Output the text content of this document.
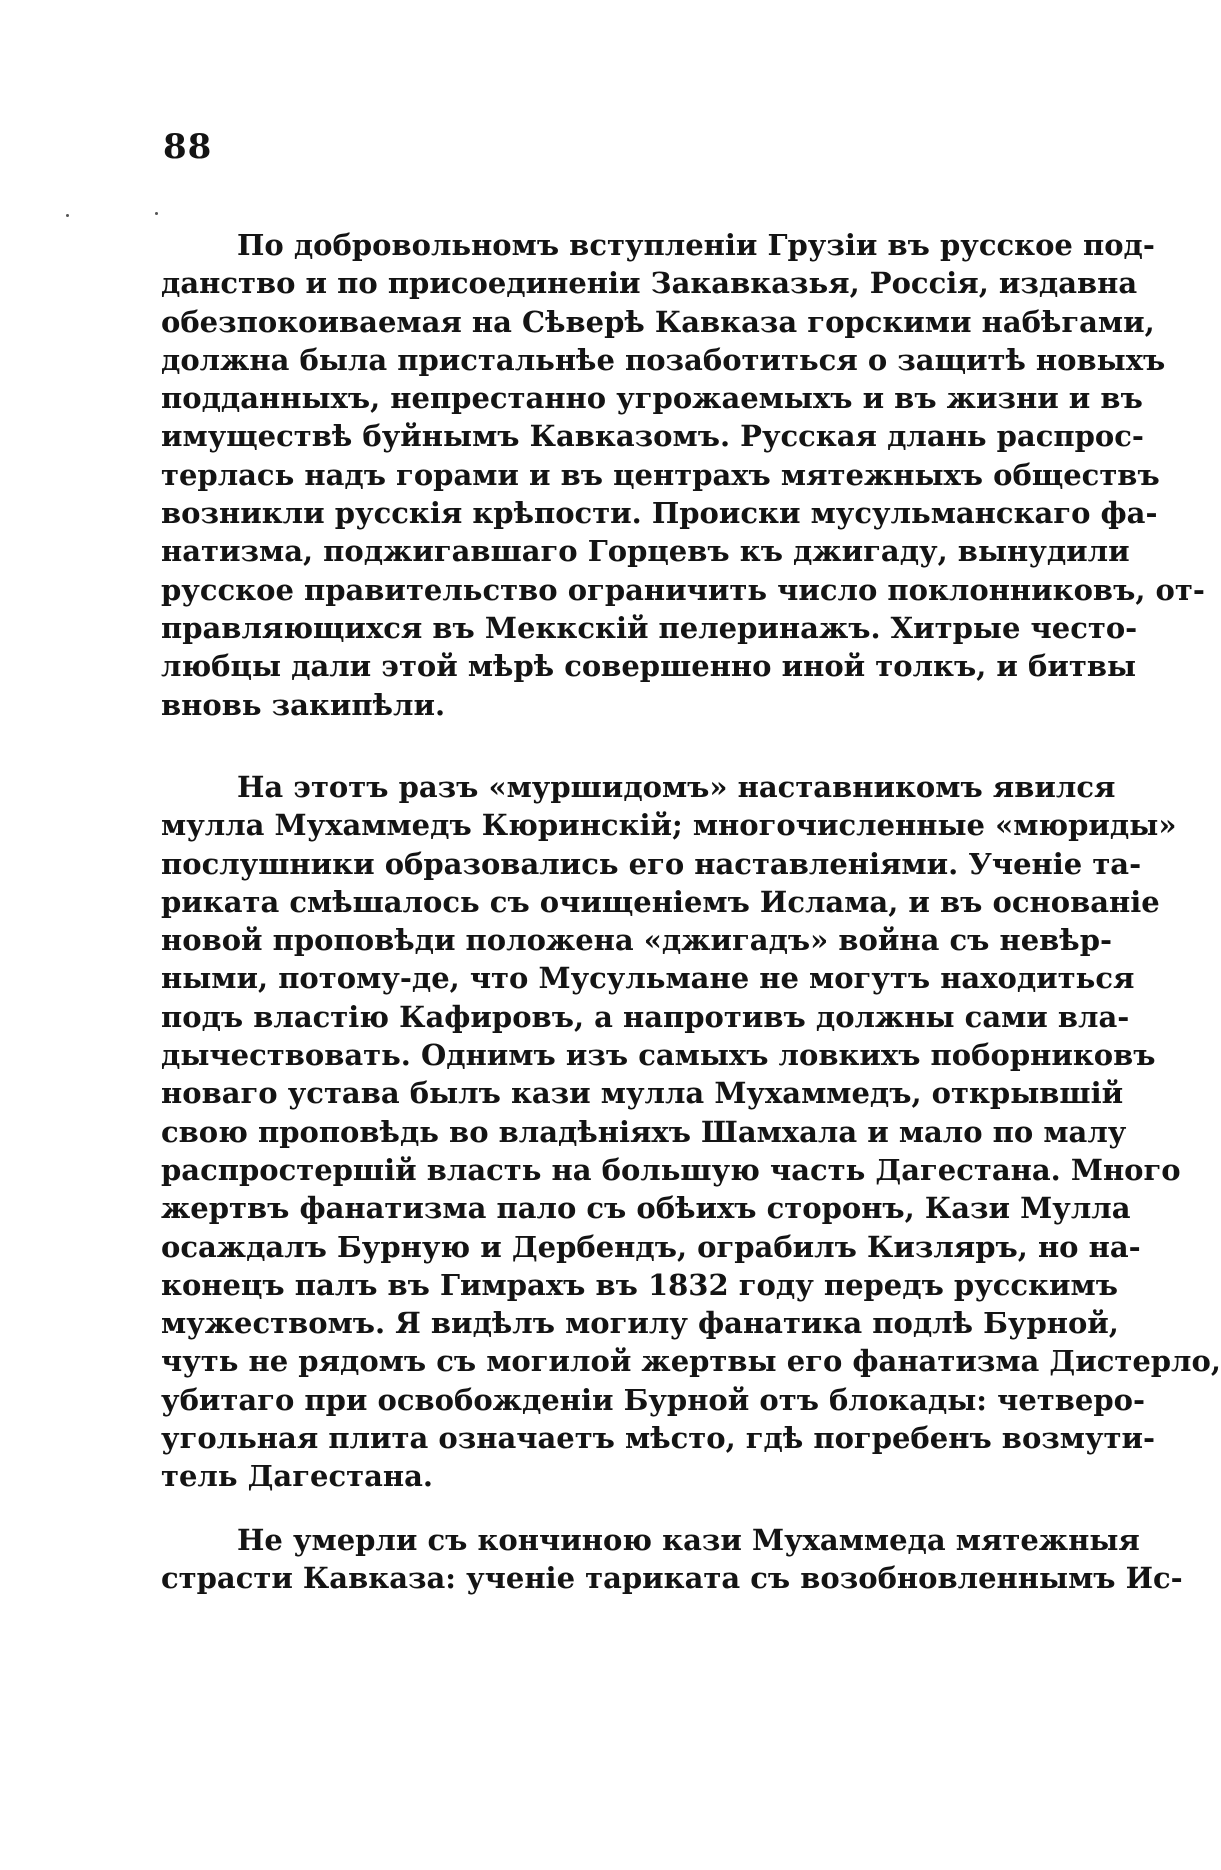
88
По добровольномъ вступленіи Грузіи въ русское под-
данство и по присоединеніи Закавказья, Россія, издавна
обезпокоиваемая на Сѣверѣ Кавказа горскими набѣгами,
должна была пристальнѣе позаботиться о защитѣ новыхъ
подданныхъ, непрестанно угрожаемыхъ и въ жизни и въ
имуществѣ буйнымъ Кавказомъ. Русская длань распрос-
терлась надъ горами и въ центрахъ мятежныхъ обществъ
возникли русскія крѣпости. Происки мусульманскаго фа-
натизма, поджигавшаго Горцевъ къ джигаду, вынудили
русское правительство ограничить число поклонниковъ, от-
правляющихся въ Меккскій пелеринажъ. Хитрые често-
любцы дали этой мѣрѣ совершенно иной толкъ, и битвы
вновь закипѣли.
На этотъ разъ «муршидомъ» наставникомъ явился
мулла Мухаммедъ Кюринскій; многочисленные «мюриды»
послушники образовались его наставленіями. Ученіе та-
риката смѣшалось съ очищеніемъ Ислама, и въ основаніе
новой проповѣди положена «джигадъ» война съ невѣр-
ными, потому-де, что Мусульмане не могутъ находиться
подъ властію Кафировъ, а напротивъ должны сами вла-
дычествовать. Однимъ изъ самыхъ ловкихъ поборниковъ
новаго устава былъ кази мулла Мухаммедъ, открывшій
свою проповѣдь во владѣніяхъ Шамхала и мало по малу
распростершій власть на большую часть Дагестана. Много
жертвъ фанатизма пало съ обѣихъ сторонъ, Кази Мулла
осаждалъ Бурную и Дербендъ, ограбилъ Кизляръ, но на-
конецъ палъ въ Гимрахъ въ 1832 году передъ русскимъ
мужествомъ. Я видѣлъ могилу фанатика подлѣ Бурной,
чуть не рядомъ съ могилой жертвы его фанатизма Дистерло,
убитаго при освобожденіи Бурной отъ блокады: четверо-
угольная плита означаетъ мѣсто, гдѣ погребенъ возмути-
тель Дагестана.
Не умерли съ кончиною кази Мухаммеда мятежныя
страсти Кавказа: ученіе тариката съ возобновленнымъ Ис-
